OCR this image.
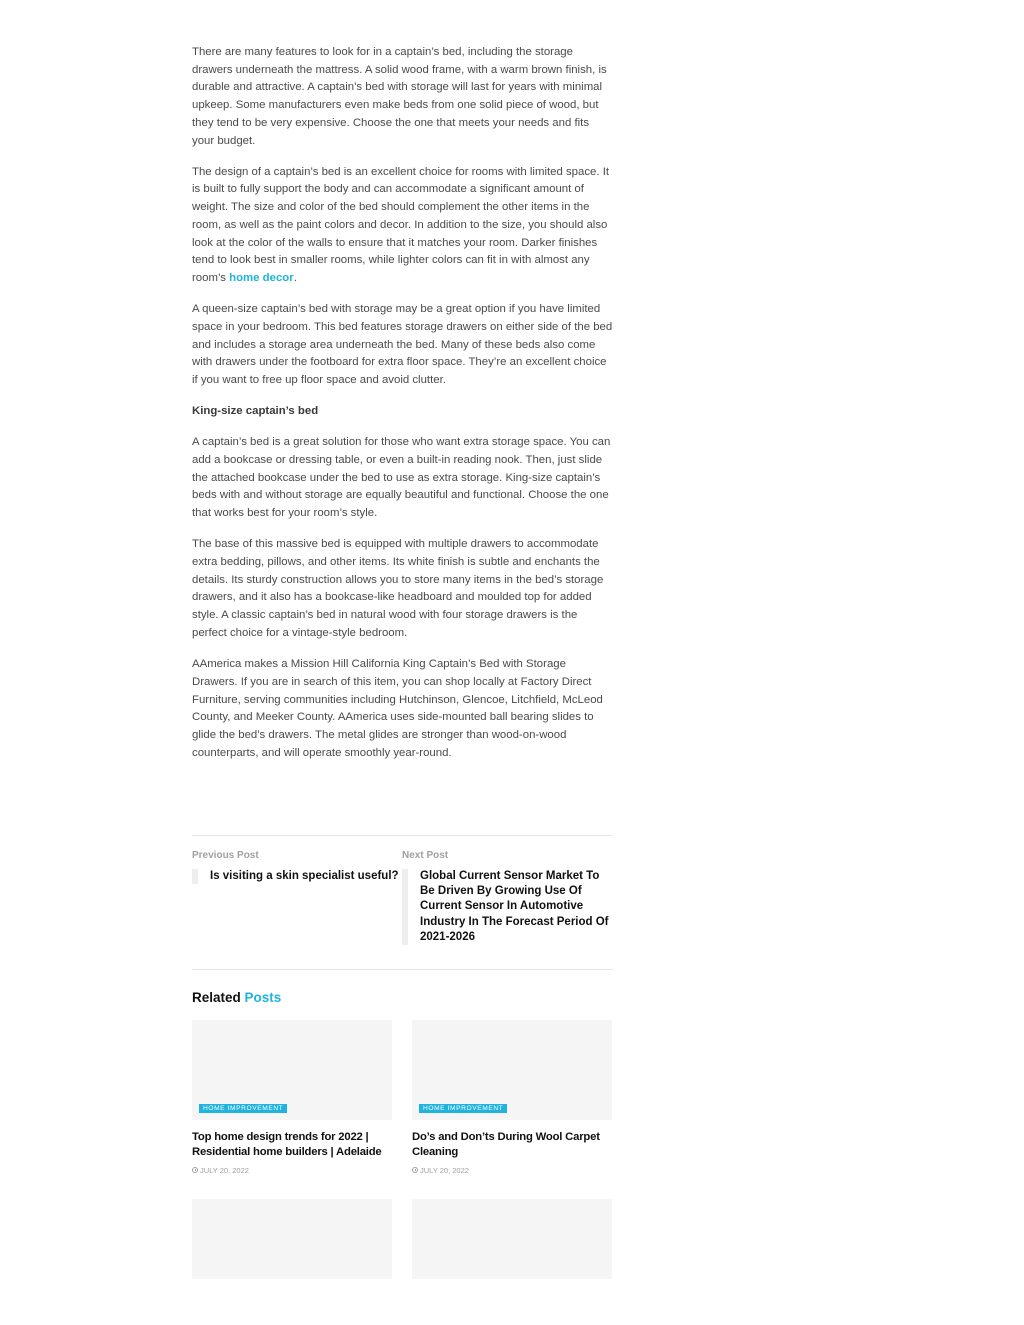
There are many features to look for in a captain’s bed, including the storage drawers underneath the mattress. A solid wood frame, with a warm brown finish, is durable and attractive. A captain’s bed with storage will last for years with minimal upkeep. Some manufacturers even make beds from one solid piece of wood, but they tend to be very expensive. Choose the one that meets your needs and fits your budget.

The design of a captain’s bed is an excellent choice for rooms with limited space. It is built to fully support the body and can accommodate a significant amount of weight. The size and color of the bed should complement the other items in the room, as well as the paint colors and decor. In addition to the size, you should also look at the color of the walls to ensure that it matches your room. Darker finishes tend to look best in smaller rooms, while lighter colors can fit in with almost any room’s home decor.

A queen-size captain’s bed with storage may be a great option if you have limited space in your bedroom. This bed features storage drawers on either side of the bed and includes a storage area underneath the bed. Many of these beds also come with drawers under the footboard for extra floor space. They’re an excellent choice if you want to free up floor space and avoid clutter.

King-size captain’s bed

A captain’s bed is a great solution for those who want extra storage space. You can add a bookcase or dressing table, or even a built-in reading nook. Then, just slide the attached bookcase under the bed to use as extra storage. King-size captain’s beds with and without storage are equally beautiful and functional. Choose the one that works best for your room’s style.

The base of this massive bed is equipped with multiple drawers to accommodate extra bedding, pillows, and other items. Its white finish is subtle and enchants the details. Its sturdy construction allows you to store many items in the bed’s storage drawers, and it also has a bookcase-like headboard and moulded top for added style. A classic captain’s bed in natural wood with four storage drawers is the perfect choice for a vintage-style bedroom.

AAmerica makes a Mission Hill California King Captain’s Bed with Storage Drawers. If you are in search of this item, you can shop locally at Factory Direct Furniture, serving communities including Hutchinson, Glencoe, Litchfield, McLeod County, and Meeker County. AAmerica uses side-mounted ball bearing slides to glide the bed’s drawers. The metal glides are stronger than wood-on-wood counterparts, and will operate smoothly year-round.

Previous Post
Is visiting a skin specialist useful?
Next Post
Global Current Sensor Market To Be Driven By Growing Use Of Current Sensor In Automotive Industry In The Forecast Period Of 2021-2026
Related Posts
HOME IMPROVEMENT
Top home design trends for 2022 | Residential home builders | Adelaide
JULY 20, 2022
HOME IMPROVEMENT
Do’s and Don’ts During Wool Carpet Cleaning
JULY 20, 2022
